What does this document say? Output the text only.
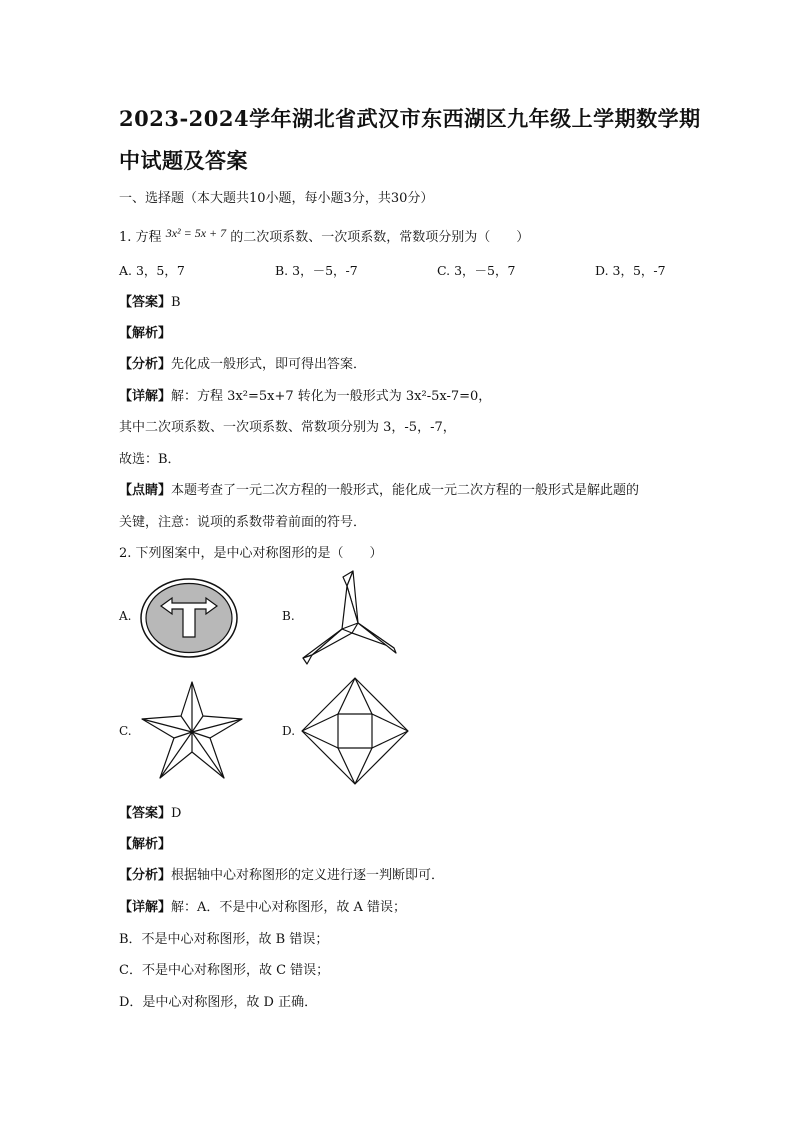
2023-2024学年湖北省武汉市东西湖区九年级上学期数学期
中试题及答案
一、选择题（本大题共10小题，每小题3分，共30分）
1. 方程 3x² = 5x + 7 的二次项系数、一次项系数，常数项分别为（　　）
A. 3，5，7	B. 3，－5，-7	C. 3，－5，7	D. 3，5，-7
【答案】B
【解析】
【分析】先化成一般形式，即可得出答案．
【详解】解：方程 3x²=5x+7 转化为一般形式为 3x²-5x-7=0，
其中二次项系数、一次项系数、常数项分别为 3，-5，-7，
故选：B．
【点睛】本题考查了一元二次方程的一般形式，能化成一元二次方程的一般形式是解此题的
关键，注意：说项的系数带着前面的符号．
2. 下列图案中，是中心对称图形的是（　　）
A.	B.
C.	D.
【答案】D
【解析】
【分析】根据轴中心对称图形的定义进行逐一判断即可．
【详解】解：A．不是中心对称图形，故 A 错误；
B．不是中心对称图形，故 B 错误；
C．不是中心对称图形，故 C 错误；
D．是中心对称图形，故 D 正确．
